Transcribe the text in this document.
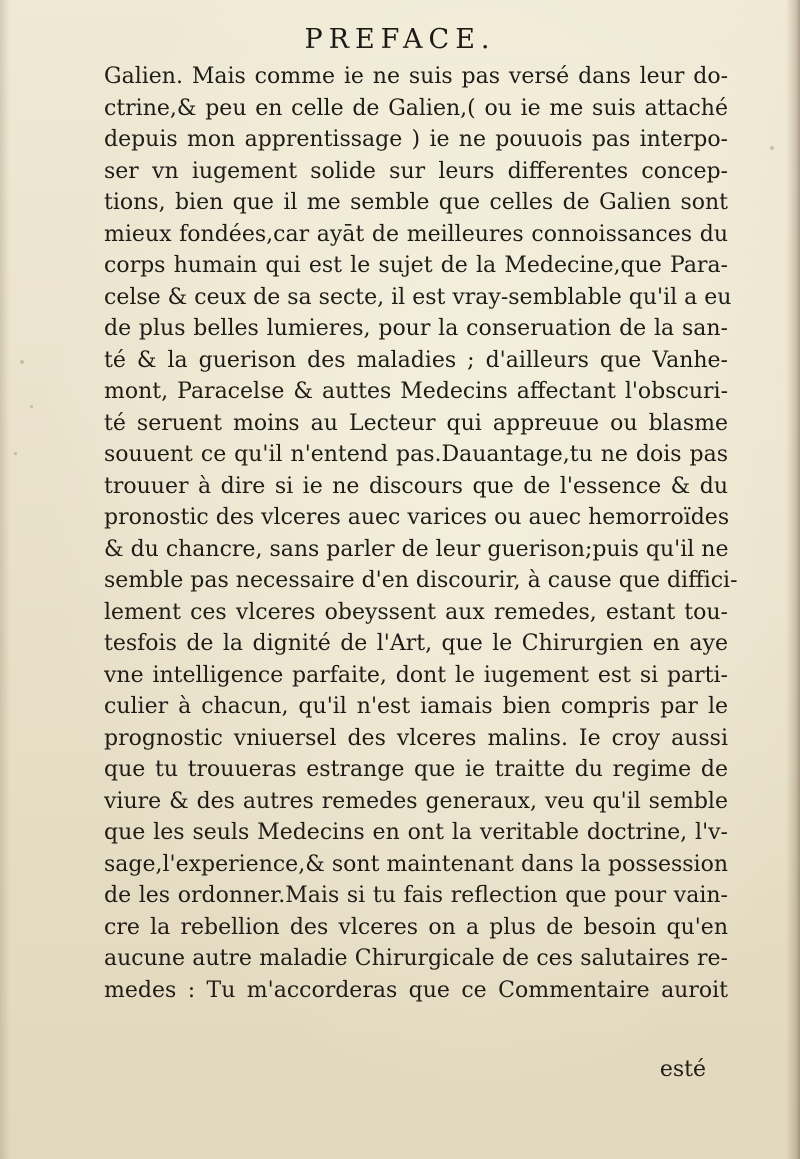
PREFACE.
Galien. Mais comme ie ne suis pas versé dans leur do-
ctrine,& peu en celle de Galien,( ou ie me suis attaché
depuis mon apprentissage ) ie ne pouuois pas interpo-
ser vn iugement solide sur leurs differentes concep-
tions, bien que il me semble que celles de Galien sont
mieux fondées,car ayāt de meilleures connoissances du
corps humain qui est le sujet de la Medecine,que Para-
celse & ceux de sa secte, il est vray-semblable qu'il a eu
de plus belles lumieres, pour la conseruation de la san-
té & la guerison des maladies ; d'ailleurs que Vanhe-
mont, Paracelse & auttes Medecins affectant l'obscuri-
té seruent moins au Lecteur qui appreuue ou blasme
souuent ce qu'il n'entend pas.Dauantage,tu ne dois pas
trouuer à dire si ie ne discours que de l'essence & du
pronostic des vlceres auec varices ou auec hemorroïdes
& du chancre, sans parler de leur guerison;puis qu'il ne
semble pas necessaire d'en discourir, à cause que diffici-
lement ces vlceres obeyssent aux remedes, estant tou-
tesfois de la dignité de l'Art, que le Chirurgien en aye
vne intelligence parfaite, dont le iugement est si parti-
culier à chacun, qu'il n'est iamais bien compris par le
prognostic vniuersel des vlceres malins. Ie croy aussi
que tu trouueras estrange que ie traitte du regime de
viure & des autres remedes generaux, veu qu'il semble
que les seuls Medecins en ont la veritable doctrine, l'v-
sage,l'experience,& sont maintenant dans la possession
de les ordonner.Mais si tu fais reflection que pour vain-
cre la rebellion des vlceres on a plus de besoin qu'en
aucune autre maladie Chirurgicale de ces salutaires re-
medes : Tu m'accorderas que ce Commentaire auroit
esté
